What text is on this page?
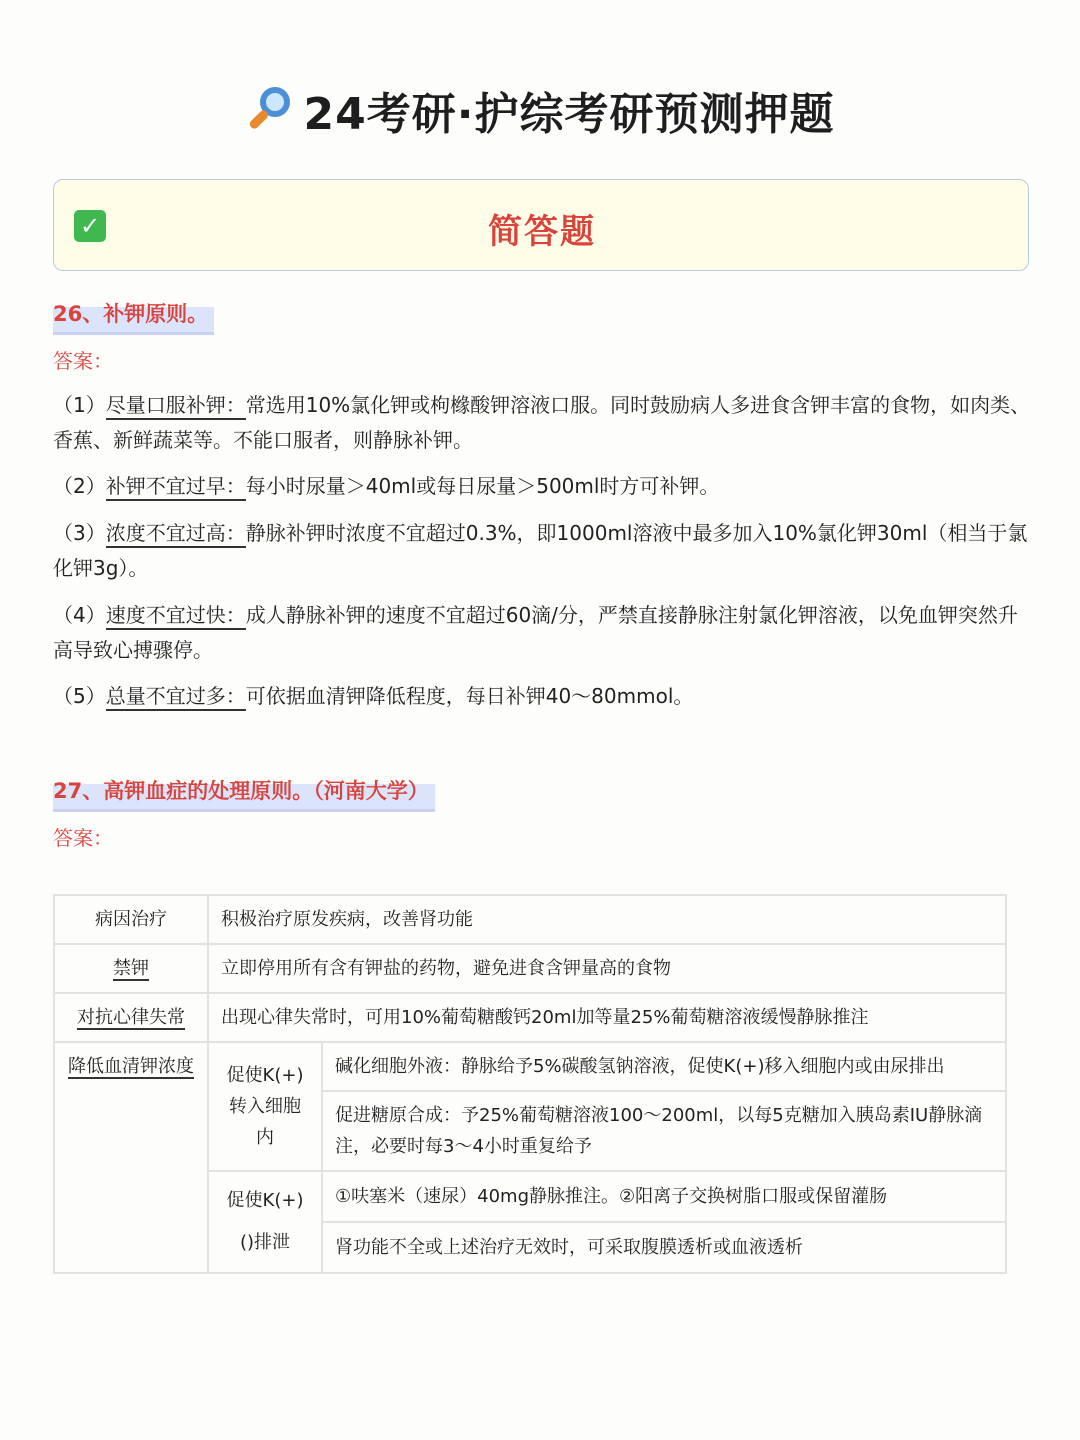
24考研·护综考研预测押题
✓	简答题
26、补钾原则。
答案：
（1）尽量口服补钾：常选用10%氯化钾或枸橼酸钾溶液口服。同时鼓励病人多进食含钾丰富的食物，如肉类、香蕉、新鲜蔬菜等。不能口服者，则静脉补钾。
（2）补钾不宜过早：每小时尿量＞40ml或每日尿量＞500ml时方可补钾。
（3）浓度不宜过高：静脉补钾时浓度不宜超过0.3%，即1000ml溶液中最多加入10%氯化钾30ml（相当于氯化钾3g）。
（4）速度不宜过快：成人静脉补钾的速度不宜超过60滴/分，严禁直接静脉注射氯化钾溶液，以免血钾突然升高导致心搏骤停。
（5）总量不宜过多：可依据血清钾降低程度，每日补钾40～80mmol。
27、高钾血症的处理原则。（河南大学）
答案：
病因治疗	积极治疗原发疾病，改善肾功能	
禁钾	立即停用所有含有钾盐的药物，避免进食含钾量高的食物	
对抗心律失常	出现心律失常时，可用10%葡萄糖酸钙20ml加等量25%葡萄糖溶液缓慢静脉推注	
降低血清钾浓度	促使K(+)转入细胞内	碱化细胞外液：静脉给予5%碳酸氢钠溶液，促使K(+)移入细胞内或由尿排出
		促进糖原合成：予25%葡萄糖溶液100～200ml，以每5克糖加入胰岛素IU静脉滴注，必要时每3～4小时重复给予
	促使K(+)()排泄	①呋塞米（速尿）40mg静脉推注。②阳离子交换树脂口服或保留灌肠
		肾功能不全或上述治疗无效时，可采取腹膜透析或血液透析
